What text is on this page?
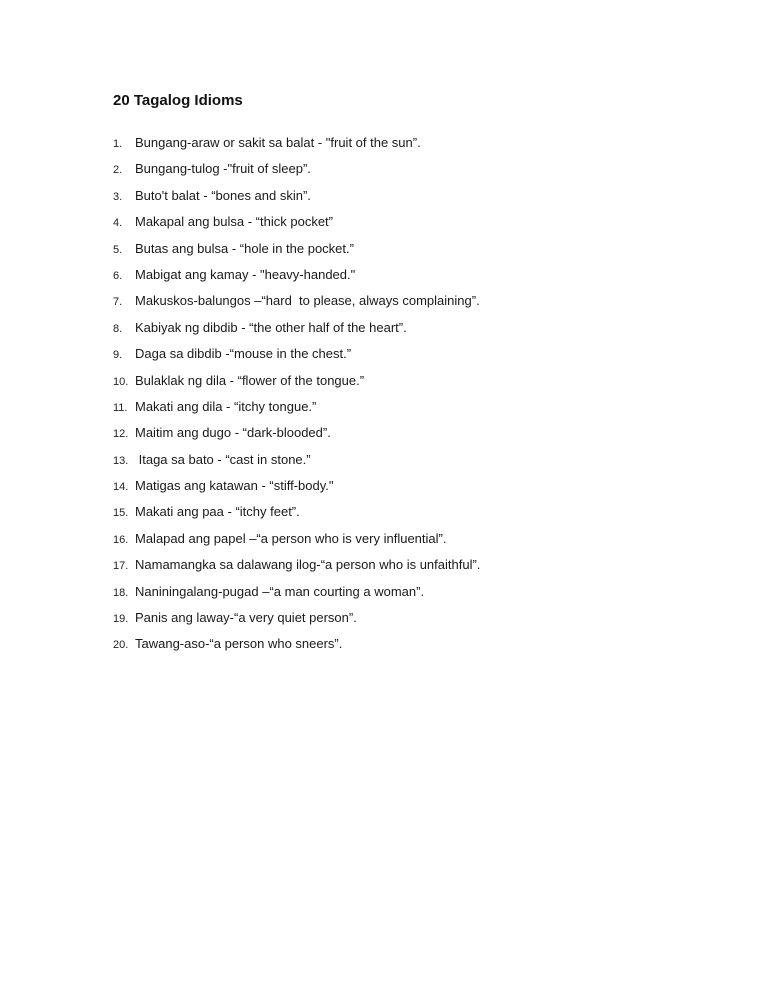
20 Tagalog Idioms
1. Bungang-araw or sakit sa balat - "fruit of the sun”.
2. Bungang-tulog -"fruit of sleep”.
3. Buto't balat - “bones and skin”.
4. Makapal ang bulsa - “thick pocket”
5. Butas ang bulsa - “hole in the pocket.”
6. Mabigat ang kamay - "heavy-handed."
7. Makuskos-balungos –“hard  to please, always complaining”.
8. Kabiyak ng dibdib - “the other half of the heart”.
9. Daga sa dibdib -“mouse in the chest.”
10. Bulaklak ng dila - “flower of the tongue.”
11. Makati ang dila - “itchy tongue.”
12. Maitim ang dugo - “dark-blooded”.
13. Itaga sa bato - “cast in stone.”
14. Matigas ang katawan - “stiff-body."
15. Makati ang paa - “itchy feet”.
16. Malapad ang papel –“a person who is very influential”.
17. Namamangka sa dalawang ilog-“a person who is unfaithful”.
18. Naniningalang-pugad –“a man courting a woman”.
19. Panis ang laway-“a very quiet person”.
20. Tawang-aso-“a person who sneers”.
